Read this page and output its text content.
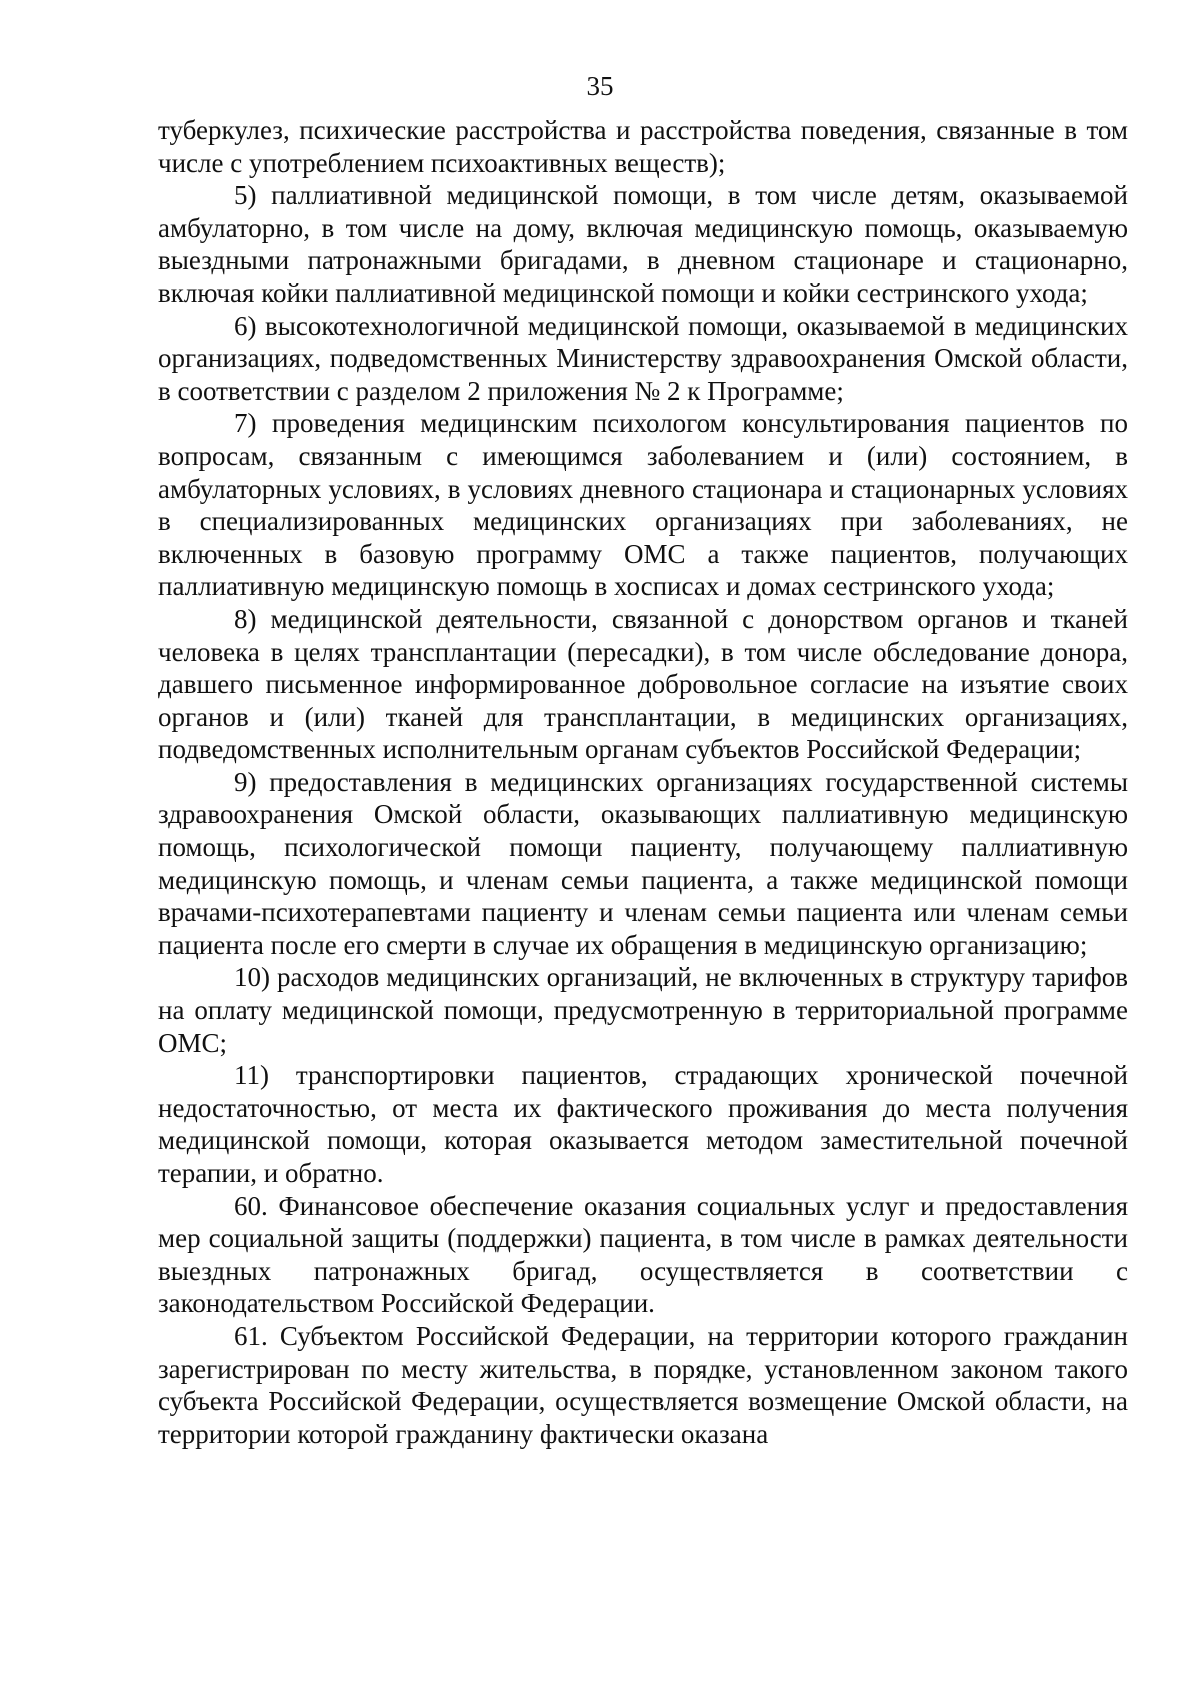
35

туберкулез, психические расстройства и расстройства поведения, связанные в том числе с употреблением психоактивных веществ);

5) паллиативной медицинской помощи, в том числе детям, оказываемой амбулаторно, в том числе на дому, включая медицинскую помощь, оказываемую выездными патронажными бригадами, в дневном стационаре и стационарно, включая койки паллиативной медицинской помощи и койки сестринского ухода;

6) высокотехнологичной медицинской помощи, оказываемой в медицинских организациях, подведомственных Министерству здравоохранения Омской области, в соответствии с разделом 2 приложения № 2 к Программе;

7) проведения медицинским психологом консультирования пациентов по вопросам, связанным с имеющимся заболеванием и (или) состоянием, в амбулаторных условиях, в условиях дневного стационара и стационарных условиях в специализированных медицинских организациях при заболеваниях, не включенных в базовую программу ОМС а также пациентов, получающих паллиативную медицинскую помощь в хосписах и домах сестринского ухода;

8) медицинской деятельности, связанной с донорством органов и тканей человека в целях трансплантации (пересадки), в том числе обследование донора, давшего письменное информированное добровольное согласие на изъятие своих органов и (или) тканей для трансплантации, в медицинских организациях, подведомственных исполнительным органам субъектов Российской Федерации;

9) предоставления в медицинских организациях государственной системы здравоохранения Омской области, оказывающих паллиативную медицинскую помощь, психологической помощи пациенту, получающему паллиативную медицинскую помощь, и членам семьи пациента, а также медицинской помощи врачами-психотерапевтами пациенту и членам семьи пациента или членам семьи пациента после его смерти в случае их обращения в медицинскую организацию;

10) расходов медицинских организаций, не включенных в структуру тарифов на оплату медицинской помощи, предусмотренную в территориальной программе ОМС;

11) транспортировки пациентов, страдающих хронической почечной недостаточностью, от места их фактического проживания до места получения медицинской помощи, которая оказывается методом заместительной почечной терапии, и обратно.

60. Финансовое обеспечение оказания социальных услуг и предоставления мер социальной защиты (поддержки) пациента, в том числе в рамках деятельности выездных патронажных бригад, осуществляется в соответствии с законодательством Российской Федерации.

61. Субъектом Российской Федерации, на территории которого гражданин зарегистрирован по месту жительства, в порядке, установленном законом такого субъекта Российской Федерации, осуществляется возмещение Омской области, на территории которой гражданину фактически оказана
